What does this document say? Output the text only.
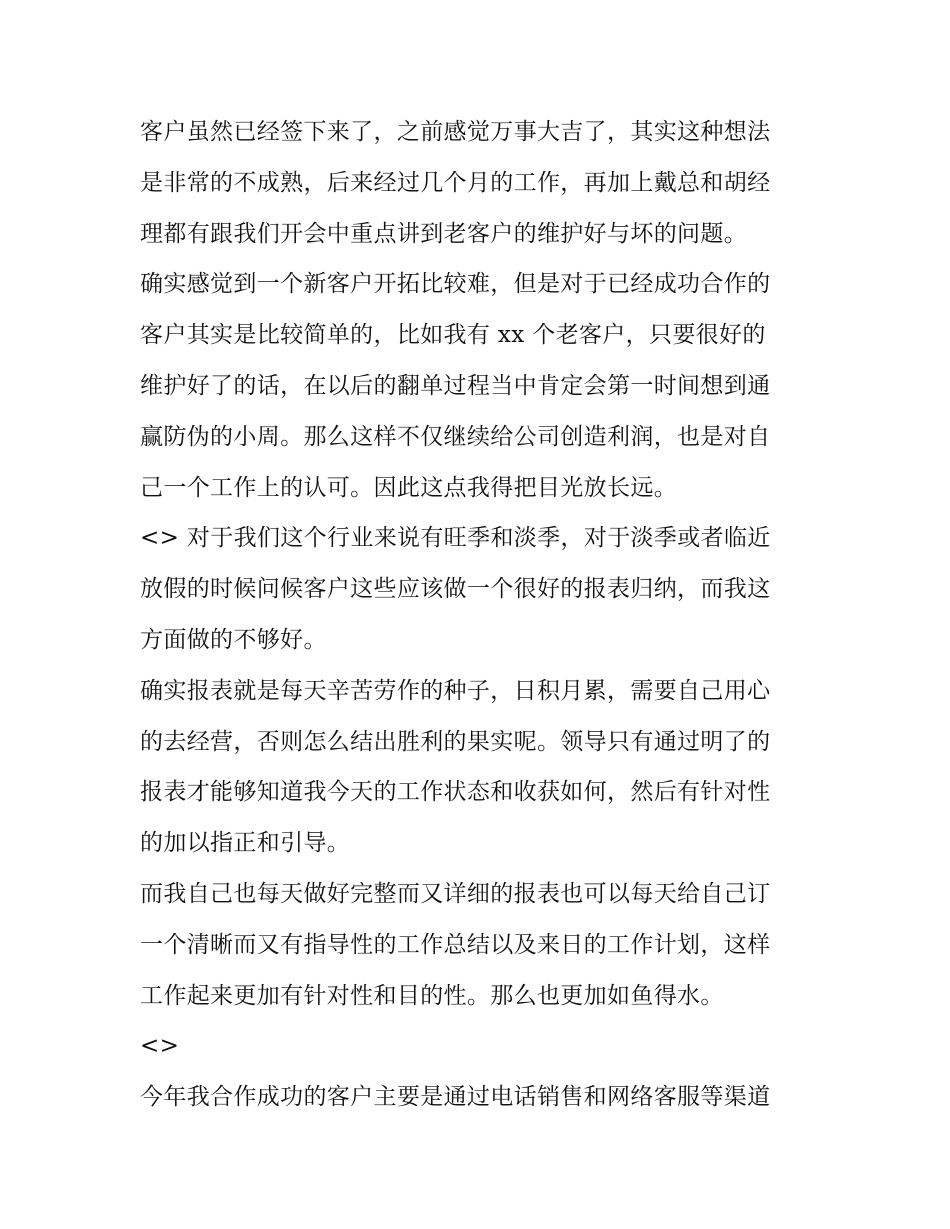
客户虽然已经签下来了，之前感觉万事大吉了，其实这种想法
是非常的不成熟，后来经过几个月的工作，再加上戴总和胡经
理都有跟我们开会中重点讲到老客户的维护好与坏的问题。
确实感觉到一个新客户开拓比较难，但是对于已经成功合作的
客户其实是比较简单的，比如我有 xx 个老客户，只要很好的
维护好了的话，在以后的翻单过程当中肯定会第一时间想到通
赢防伪的小周。那么这样不仅继续给公司创造利润，也是对自
己一个工作上的认可。因此这点我得把目光放长远。
<> 对于我们这个行业来说有旺季和淡季，对于淡季或者临近
放假的时候问候客户这些应该做一个很好的报表归纳，而我这
方面做的不够好。
确实报表就是每天辛苦劳作的种子，日积月累，需要自己用心
的去经营，否则怎么结出胜利的果实呢。领导只有通过明了的
报表才能够知道我今天的工作状态和收获如何，然后有针对性
的加以指正和引导。
而我自己也每天做好完整而又详细的报表也可以每天给自己订
一个清晰而又有指导性的工作总结以及来日的工作计划，这样
工作起来更加有针对性和目的性。那么也更加如鱼得水。
<>
今年我合作成功的客户主要是通过电话销售和网络客服等渠道
